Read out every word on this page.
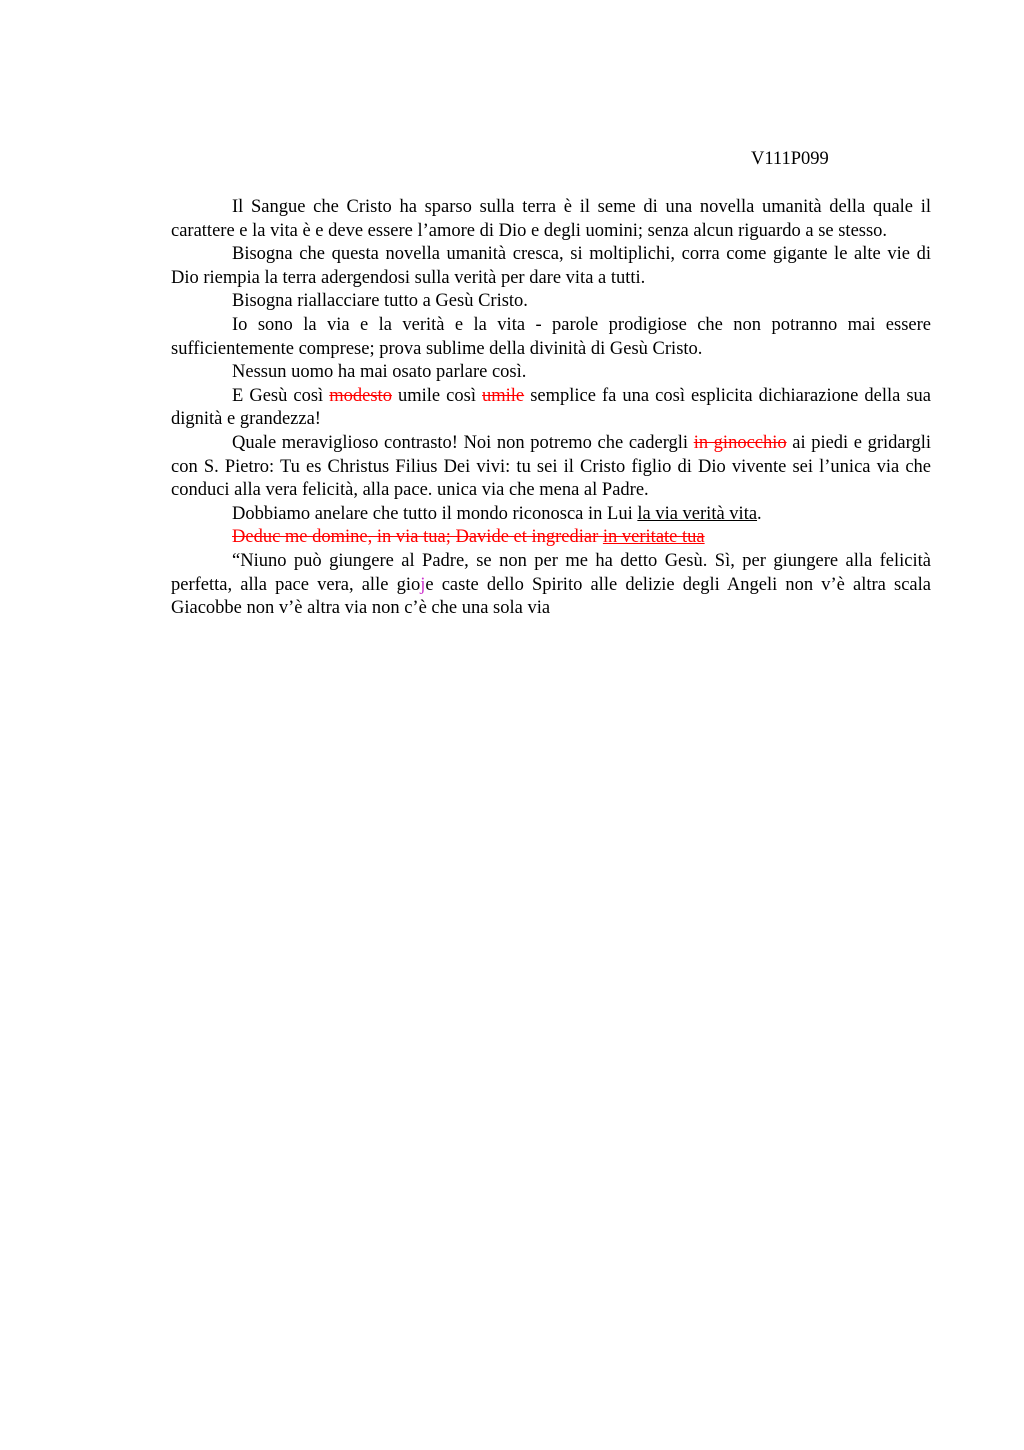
V111P099

Il Sangue che Cristo ha sparso sulla terra è il seme di una novella umanità della quale il carattere e la vita è e deve essere l’amore di Dio e degli uomini; senza alcun riguardo a se stesso.

Bisogna che questa novella umanità cresca, si moltiplichi, corra come gigante le alte vie di Dio riempia la terra adergendosi sulla verità per dare vita a tutti.

Bisogna riallacciare tutto a Gesù Cristo.

Io sono la via e la verità e la vita - parole prodigiose che non potranno mai essere sufficientemente comprese; prova sublime della divinità di Gesù Cristo.

Nessun uomo ha mai osato parlare così.

E Gesù così modesto umile così umile semplice fa una così esplicita dichiarazione della sua dignità e grandezza!

Quale meraviglioso contrasto! Noi non potremo che cadergli in ginocchio ai piedi e gridargli con S. Pietro: Tu es Christus Filius Dei vivi: tu sei il Cristo figlio di Dio vivente sei l’unica via che conduci alla vera felicità, alla pace. unica via che mena al Padre.

Dobbiamo anelare che tutto il mondo riconosca in Lui la via verità vita.

Deduc me domine, in via tua; Davide et ingrediar in veritate tua

“Niuno può giungere al Padre, se non per me ha detto Gesù. Sì, per giungere alla felicità perfetta, alla pace vera, alle gioje caste dello Spirito alle delizie degli Angeli non v’è altra scala Giacobbe non v’è altra via non c’è che una sola via
